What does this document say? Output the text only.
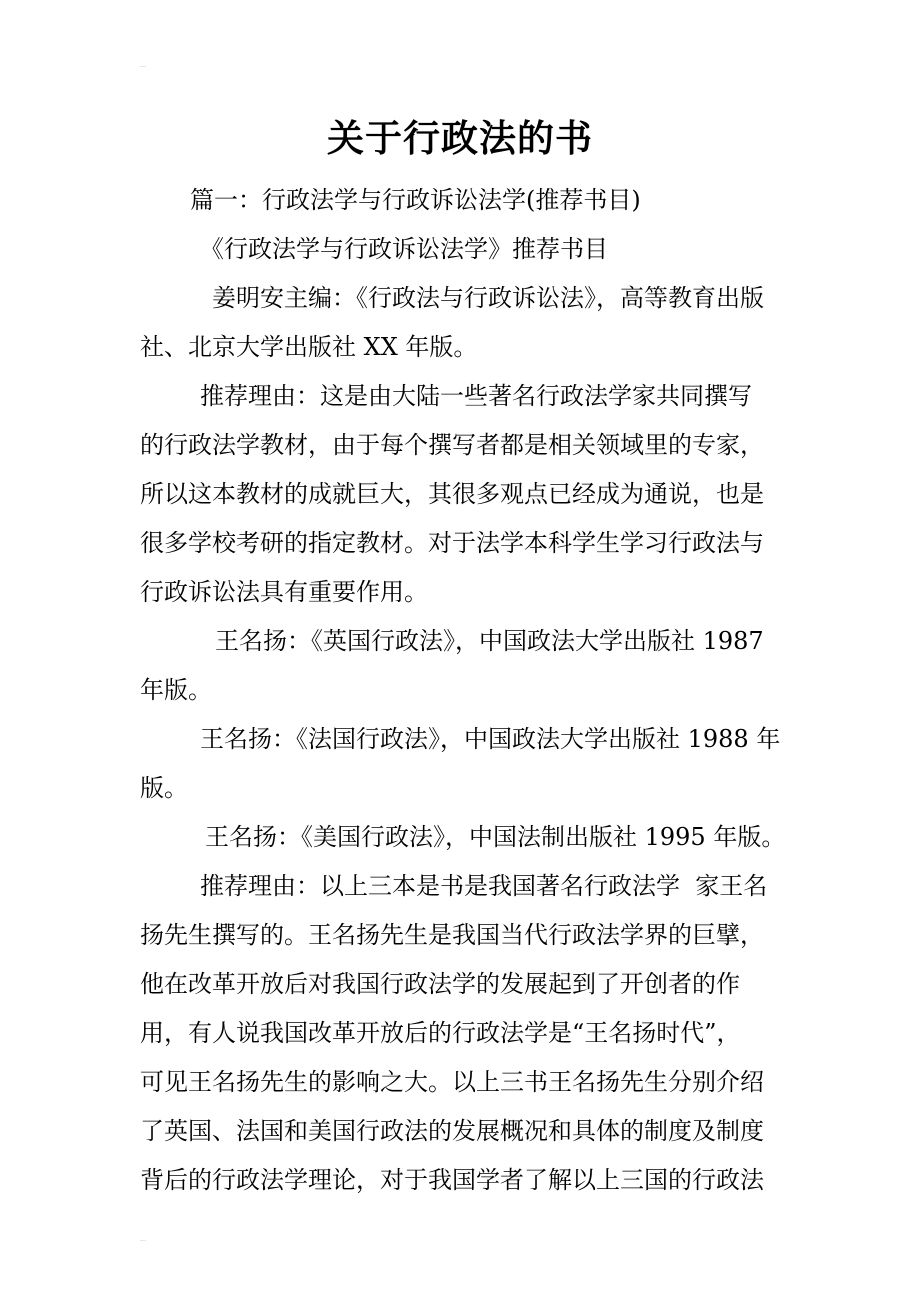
关于行政法的书
篇一：行政法学与行政诉讼法学(推荐书目)
《行政法学与行政诉讼法学》推荐书目
姜明安主编：《行政法与行政诉讼法》，高等教育出版
社、北京大学出版社 XX 年版。
推荐理由：这是由大陆一些著名行政法学家共同撰写
的行政法学教材，由于每个撰写者都是相关领域里的专家，
所以这本教材的成就巨大，其很多观点已经成为通说，也是
很多学校考研的指定教材。对于法学本科学生学习行政法与
行政诉讼法具有重要作用。
王名扬：《英国行政法》，中国政法大学出版社 1987
年版。
王名扬：《法国行政法》，中国政法大学出版社 1988 年
版。
王名扬：《美国行政法》，中国法制出版社 1995 年版。
推荐理由：以上三本是书是我国著名行政法学  家王名
扬先生撰写的。王名扬先生是我国当代行政法学界的巨擘，
他在改革开放后对我国行政法学的发展起到了开创者的作
用，有人说我国改革开放后的行政法学是“王名扬时代”，
可见王名扬先生的影响之大。以上三书王名扬先生分别介绍
了英国、法国和美国行政法的发展概况和具体的制度及制度
背后的行政法学理论，对于我国学者了解以上三国的行政法
